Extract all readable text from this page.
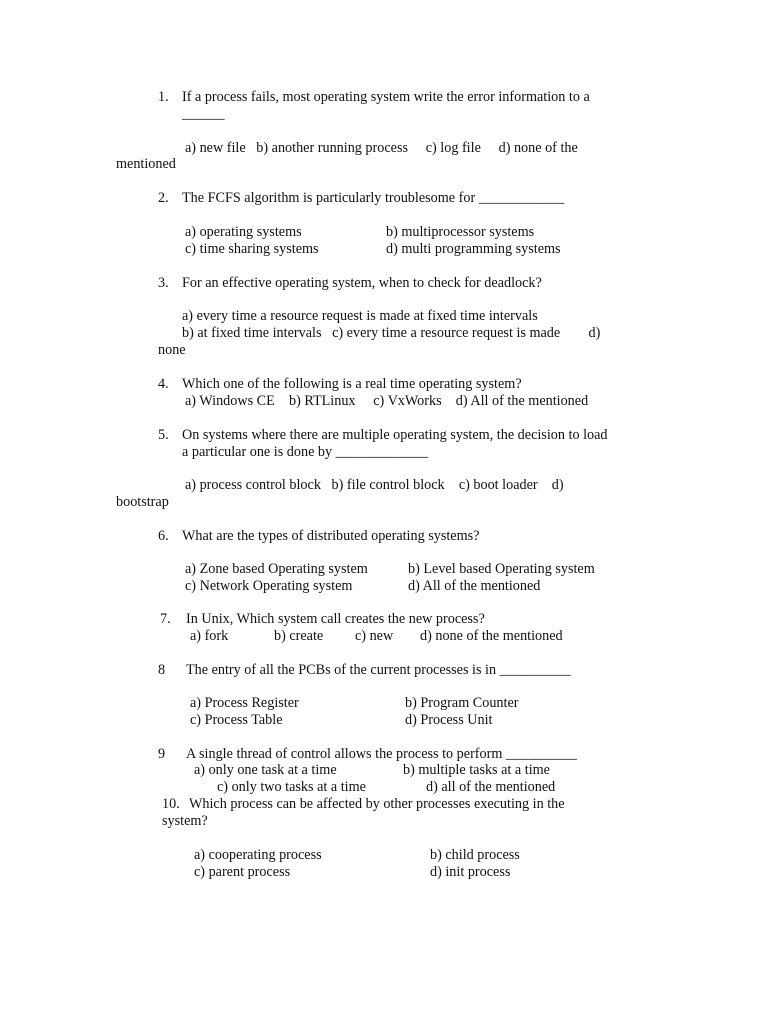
1. If a process fails, most operating system write the error information to a
______
a) new file   b) another running process     c) log file     d) none of the
mentioned
2. The FCFS algorithm is particularly troublesome for ____________
a) operating systems	b) multiprocessor systems
c) time sharing systems	d) multi programming systems
3. For an effective operating system, when to check for deadlock?
a) every time a resource request is made at fixed time intervals
b) at fixed time intervals   c) every time a resource request is made        d)
none
4. Which one of the following is a real time operating system?
a) Windows CE    b) RTLinux     c) VxWorks    d) All of the mentioned
5. On systems where there are multiple operating system, the decision to load
a particular one is done by _____________
a) process control block   b) file control block    c) boot loader    d)
bootstrap
6. What are the types of distributed operating systems?
a) Zone based Operating system	b) Level based Operating system
c) Network Operating system	d) All of the mentioned
7. In Unix, Which system call creates the new process?
a) fork	b) create c) new d) none of the mentioned
8 The entry of all the PCBs of the current processes is in __________
a) Process Register	b) Program Counter
c) Process Table	d) Process Unit
9 A single thread of control allows the process to perform __________
a) only one task at a time	b) multiple tasks at a time
c) only two tasks at a time	d) all of the mentioned
10. Which process can be affected by other processes executing in the
system?
a) cooperating process	b) child process
c) parent process	d) init process
